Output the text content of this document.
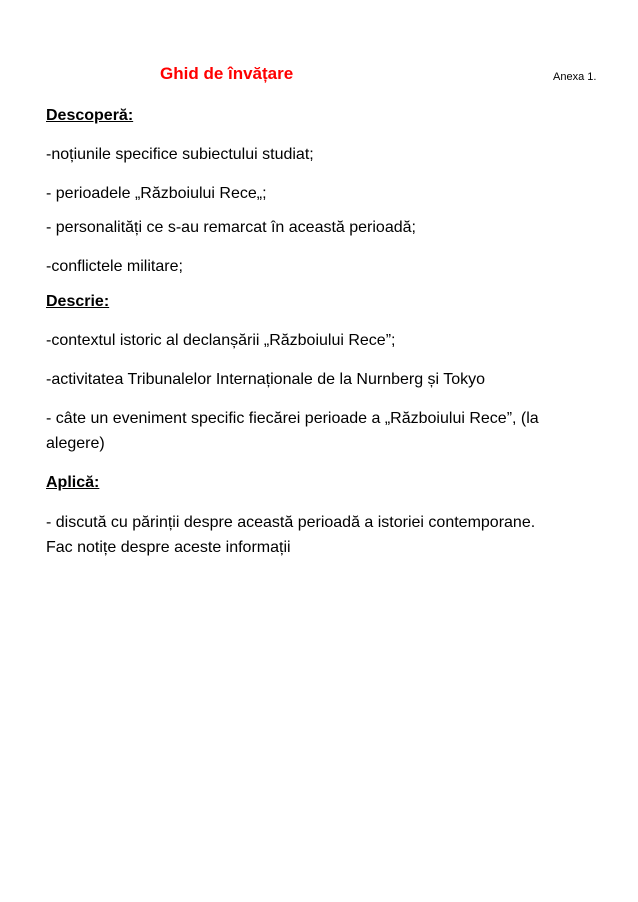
Ghid de învățare	Anexa 1.
Descoperă:
-noțiunile specifice subiectului studiat;
- perioadele „Războiului Rece„;
- personalități ce s-au remarcat în această perioadă;
-conflictele militare;
Descrie:
-contextul istoric al declanșării „Războiului Rece”;
-activitatea Tribunalelor Internaționale de la Nurnberg și Tokyo
- câte un eveniment specific fiecărei perioade a „Războiului Rece”, (la
alegere)
Aplică:
- discută cu părinții despre această perioadă a istoriei contemporane.
Fac notițe despre aceste informații
